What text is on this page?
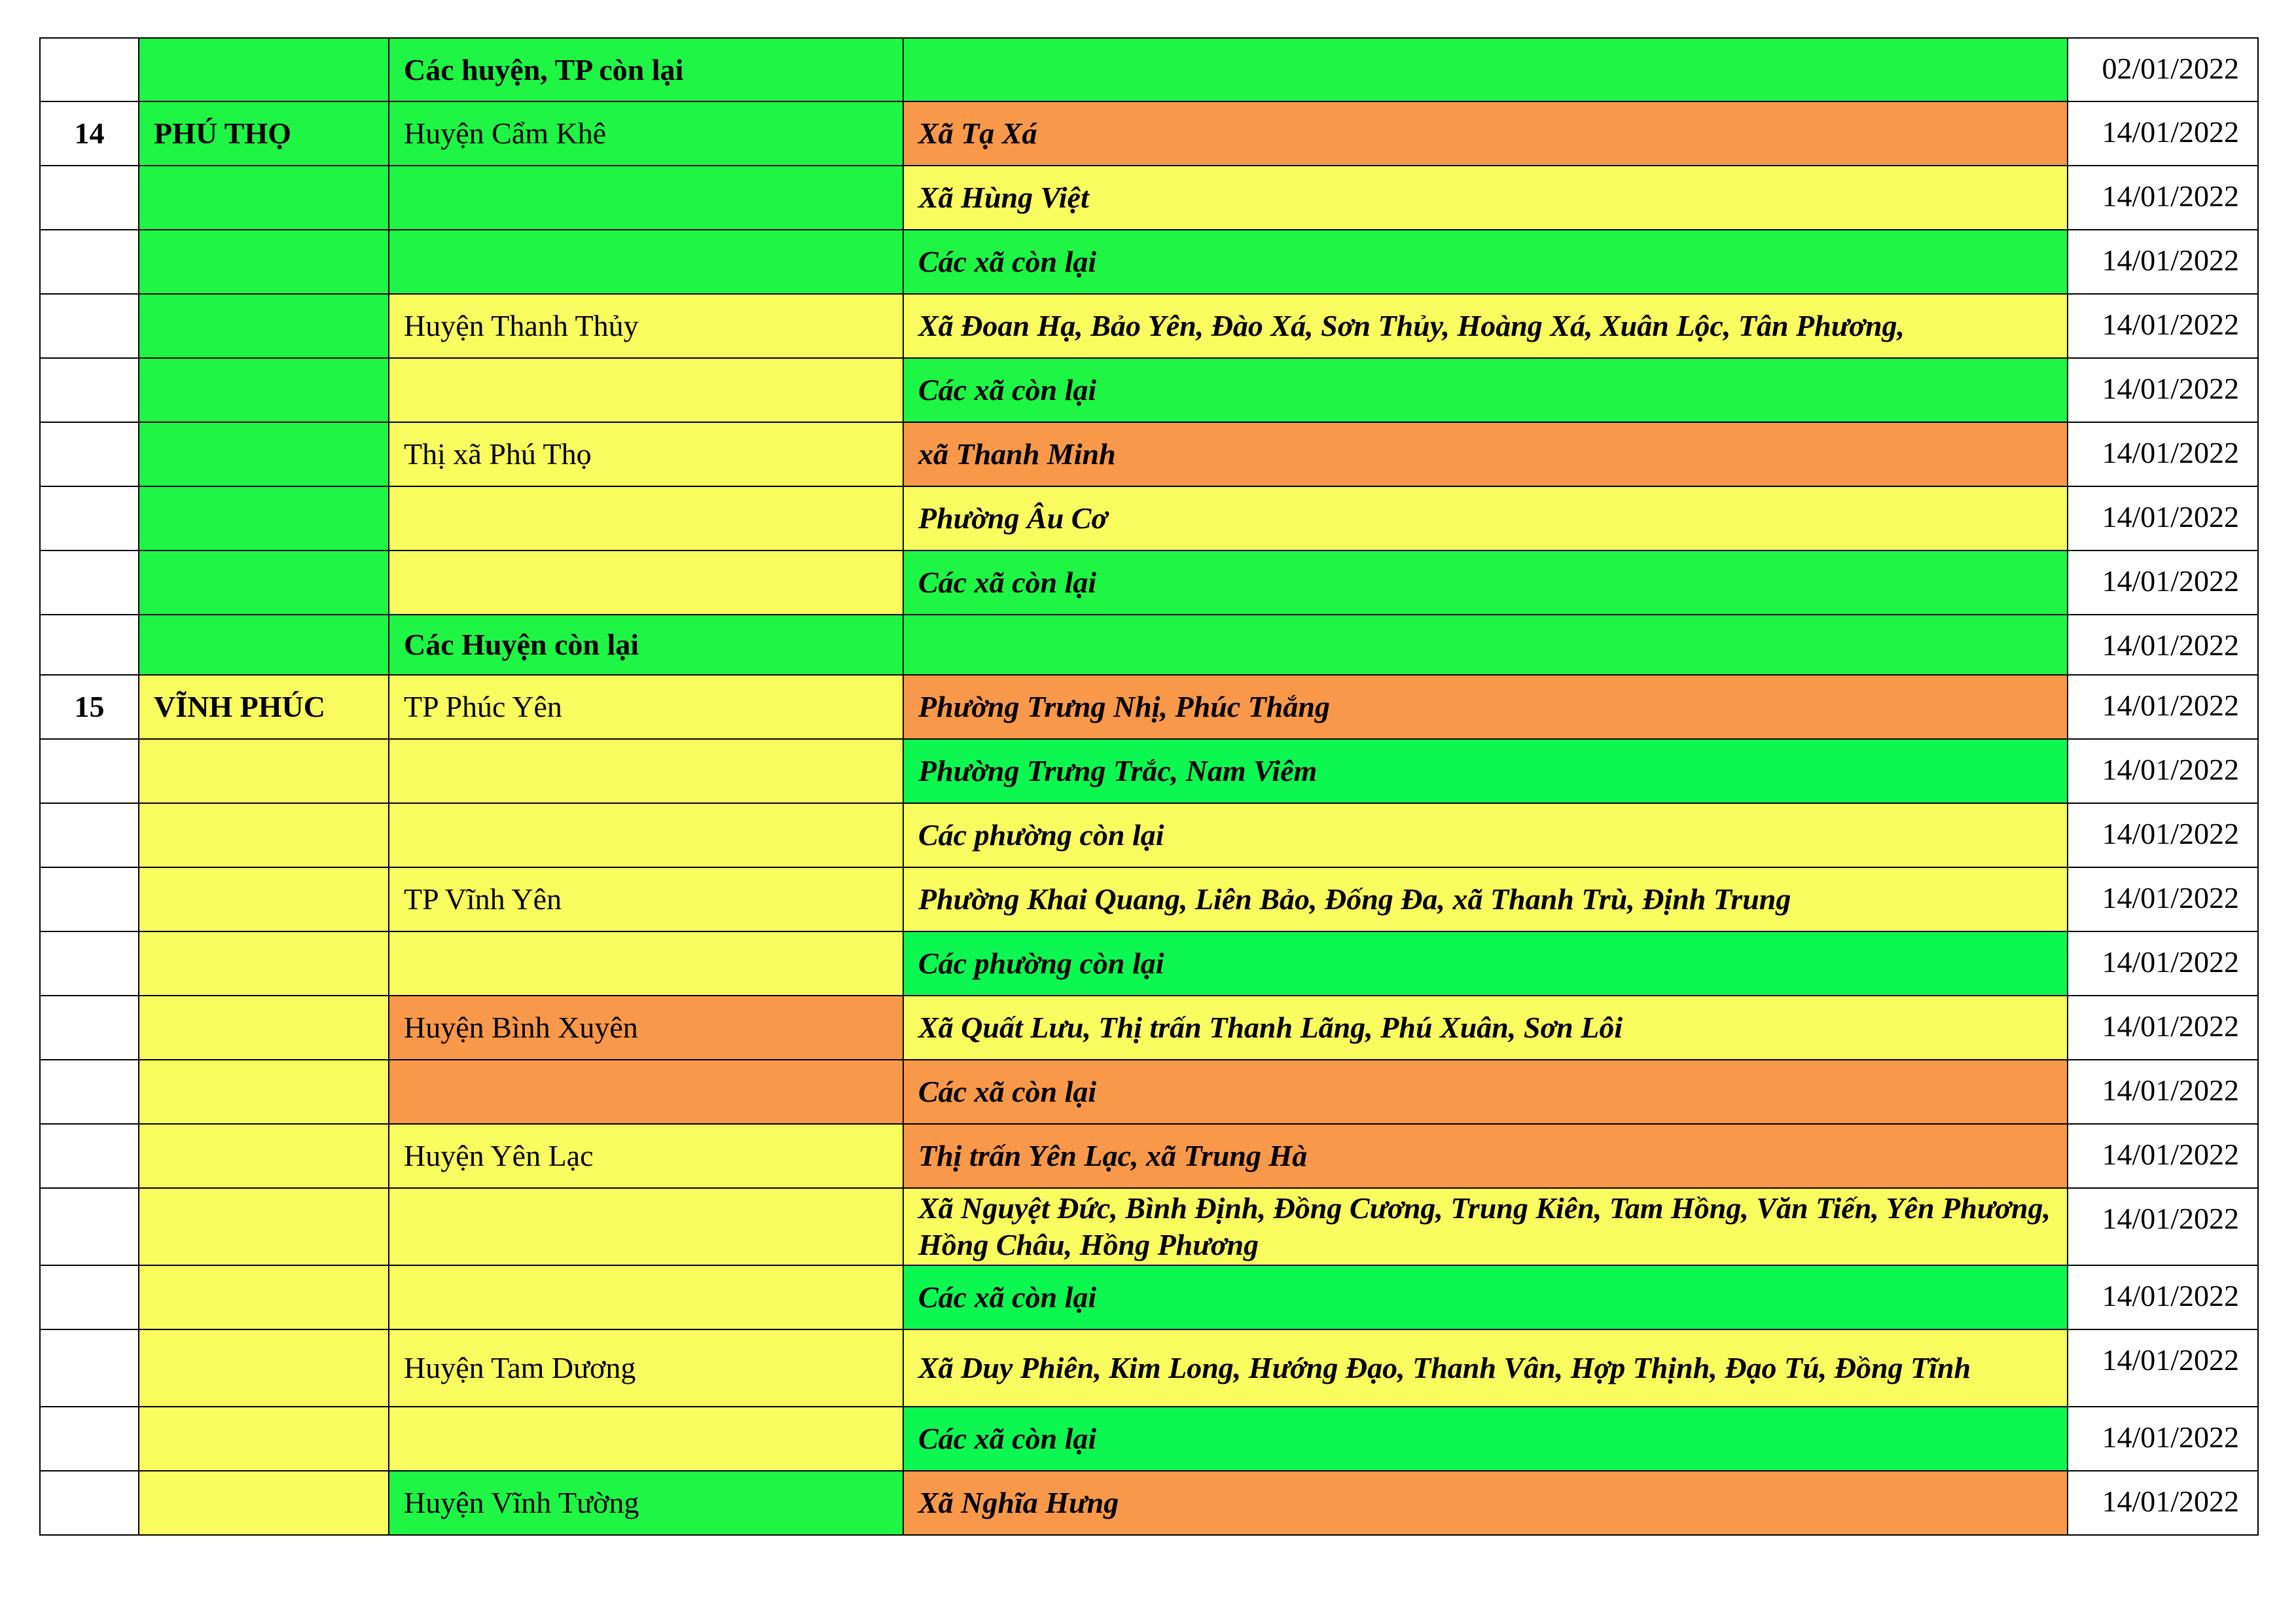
		Các huyện, TP còn lại		02/01/2022
14	PHÚ THỌ	Huyện Cẩm Khê	Xã Tạ Xá	14/01/2022
			Xã Hùng Việt	14/01/2022
			Các xã còn lại	14/01/2022
		Huyện Thanh Thủy	Xã Đoan Hạ, Bảo Yên, Đào Xá, Sơn Thủy, Hoàng Xá, Xuân Lộc, Tân Phương,	14/01/2022
			Các xã còn lại	14/01/2022
		Thị xã Phú Thọ	xã Thanh Minh	14/01/2022
			Phường Âu Cơ	14/01/2022
			Các xã còn lại	14/01/2022
		Các Huyện còn lại		14/01/2022
15	VĨNH PHÚC	TP Phúc Yên	Phường Trưng Nhị, Phúc Thắng	14/01/2022
			Phường Trưng Trắc, Nam Viêm	14/01/2022
			Các phường còn lại	14/01/2022
		TP Vĩnh Yên	Phường Khai Quang, Liên Bảo, Đống Đa, xã Thanh Trù, Định Trung	14/01/2022
			Các phường còn lại	14/01/2022
		Huyện Bình Xuyên	Xã Quất Lưu, Thị trấn Thanh Lãng, Phú Xuân, Sơn Lôi	14/01/2022
			Các xã còn lại	14/01/2022
		Huyện Yên Lạc	Thị trấn Yên Lạc, xã Trung Hà	14/01/2022
			Xã Nguyệt Đức, Bình Định, Đồng Cương, Trung Kiên, Tam Hồng, Văn Tiến, Yên Phương, Hồng Châu, Hồng Phương	14/01/2022
			Các xã còn lại	14/01/2022
		Huyện Tam Dương	Xã Duy Phiên, Kim Long, Hướng Đạo, Thanh Vân, Hợp Thịnh, Đạo Tú, Đồng Tĩnh	14/01/2022
			Các xã còn lại	14/01/2022
		Huyện Vĩnh Tường	Xã Nghĩa Hưng	14/01/2022
